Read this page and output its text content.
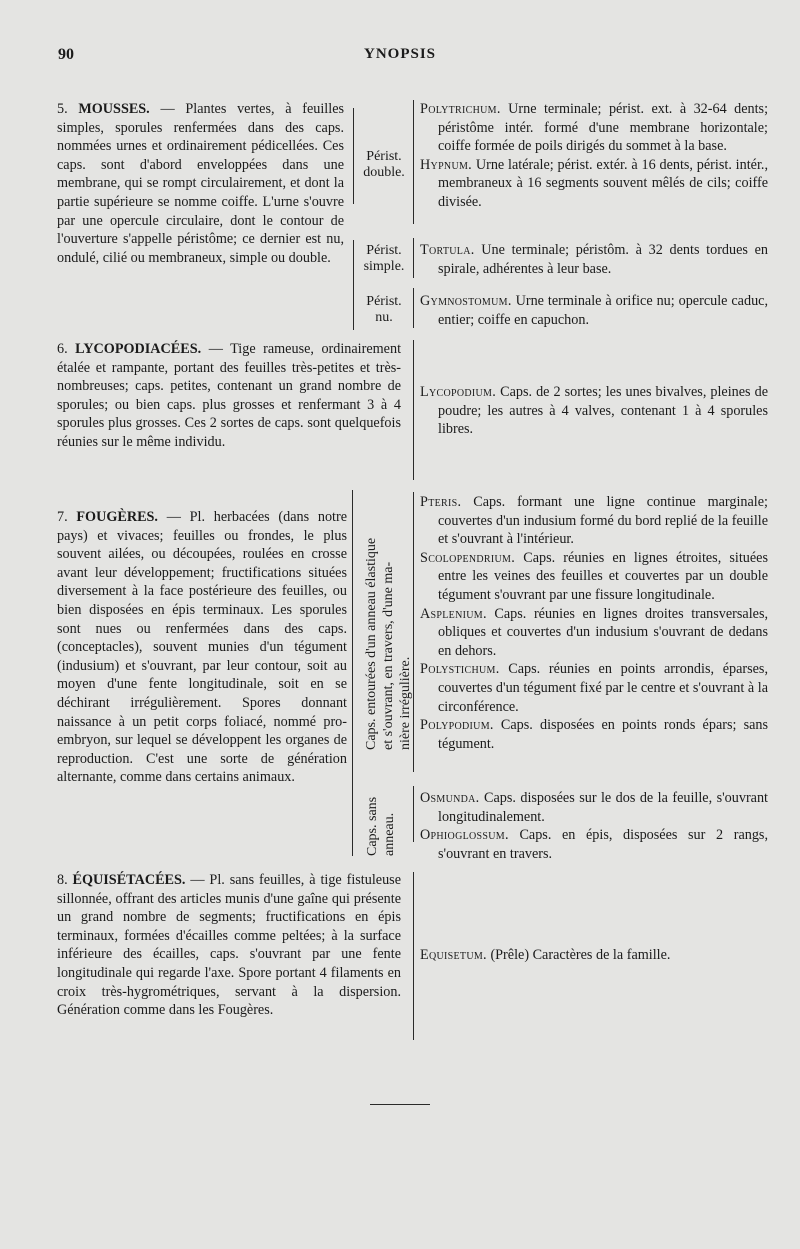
90	YNOPSIS
5. MOUSSES. — Plantes vertes, à feuilles simples, sporules renfermées dans des caps. nommées urnes et ordinairement pédicellées. Ces caps. sont d'abord enveloppées dans une membrane, qui se rompt circulairement, et dont la partie supérieure se nomme coiffe. L'urne s'ouvre par une opercule circulaire, dont le contour de l'ouverture s'appelle péristôme; ce dernier est nu, ondulé, cilié ou membraneux, simple ou double.
Périst. double.
Périst. simple.
Périst. nu.

Polytrichum. Urne terminale; périst. ext. à 32-64 dents; péristôme intér. formé d'une membrane horizontale; coiffe formée de poils dirigés du sommet à la base.

Hypnum. Urne latérale; périst. extér. à 16 dents, périst. intér., membraneux à 16 segments souvent mêlés de cils; coiffe divisée.

Tortula. Une terminale; péristôm. à 32 dents tordues en spirale, adhérentes à leur base.

Gymnostomum. Urne terminale à orifice nu; opercule caduc, entier; coiffe en capuchon.

6. LYCOPODIACÉES. — Tige rameuse, ordinairement étalée et rampante, portant des feuilles très-petites et très-nombreuses; caps. petites, contenant un grand nombre de sporules; ou bien caps. plus grosses et renfermant 3 à 4 sporules plus grosses. Ces 2 sortes de caps. sont quelquefois réunies sur le même individu.

Lycopodium. Caps. de 2 sortes; les unes bivalves, pleines de poudre; les autres à 4 valves, contenant 1 à 4 sporules libres.

7. FOUGÈRES. — Pl. herbacées (dans notre pays) et vivaces; feuilles ou frondes, le plus souvent ailées, ou découpées, roulées en crosse avant leur développement; fructifications situées diversement à la face postérieure des feuilles, ou bien disposées en épis terminaux. Les sporules sont nues ou renfermées dans des caps. (conceptacles), souvent munies d'un tégument (indusium) et s'ouvrant, par leur contour, soit au moyen d'une fente longitudinale, soit en se déchirant irrégulièrement. Spores donnant naissance à un petit corps foliacé, nommé pro-embryon, sur lequel se développent les organes de reproduction. C'est une sorte de génération alternante, comme dans certains animaux.
Caps. entourées d'un anneau élastique et s'ouvrant, en travers, d'une ma- nière irrégulière.
Caps. sans anneau.

Pteris. Caps. formant une ligne continue marginale; couvertes d'un indusium formé du bord replié de la feuille et s'ouvrant à l'intérieur.

Scolopendrium. Caps. réunies en lignes étroites, situées entre les veines des feuilles et couvertes par un double tégument s'ouvrant par une fissure longitudinale.

Asplenium. Caps. réunies en lignes droites transversales, obliques et couvertes d'un indusium s'ouvrant de dedans en dehors.

Polystichum. Caps. réunies en points arrondis, éparses, couvertes d'un tégument fixé par le centre et s'ouvrant à la circonférence.

Polypodium. Caps. disposées en points ronds épars; sans tégument.

Osmunda. Caps. disposées sur le dos de la feuille, s'ouvrant longitudinalement.

Ophioglossum. Caps. en épis, disposées sur 2 rangs, s'ouvrant en travers.

8. ÉQUISÉTACÉES. — Pl. sans feuilles, à tige fistuleuse sillonnée, offrant des articles munis d'une gaîne qui présente un grand nombre de segments; fructifications en épis terminaux, formées d'écailles comme peltées; à la surface inférieure des écailles, caps. s'ouvrant par une fente longitudinale qui regarde l'axe. Spore portant 4 filaments en croix très-hygrométriques, servant à la dispersion. Génération comme dans les Fougères.

Equisetum. (Prêle) Caractères de la famille.
